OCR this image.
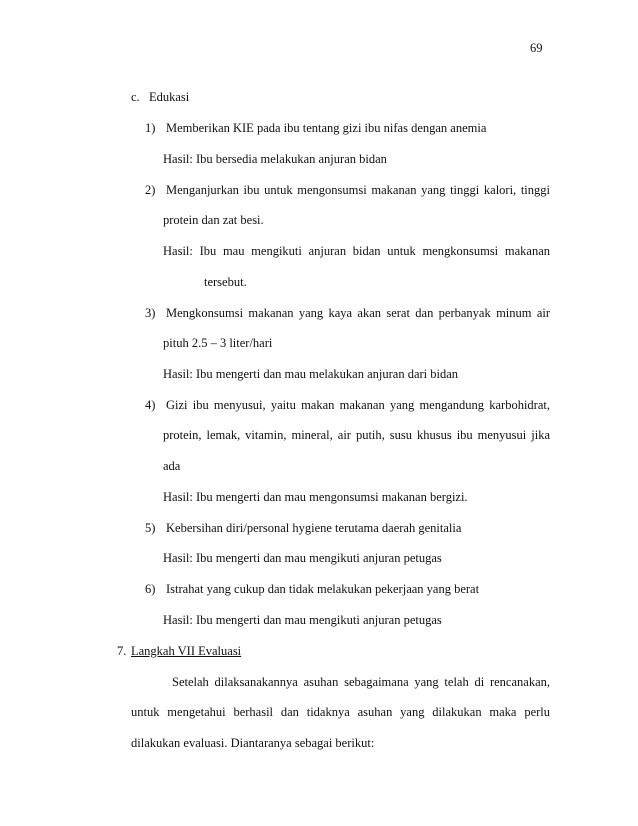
69
c. Edukasi
1) Memberikan KIE pada ibu tentang gizi ibu nifas dengan anemia
Hasil: Ibu bersedia melakukan anjuran bidan
2) Menganjurkan ibu untuk mengonsumsi makanan yang tinggi kalori, tinggi
protein dan zat besi.
Hasil: Ibu mau mengikuti anjuran bidan untuk mengkonsumsi makanan
tersebut.
3) Mengkonsumsi makanan yang kaya akan serat dan perbanyak minum air
pituh 2.5 – 3 liter/hari
Hasil: Ibu mengerti dan mau melakukan anjuran dari bidan
4) Gizi ibu menyusui, yaitu makan makanan yang mengandung karbohidrat,
protein, lemak, vitamin, mineral, air putih, susu khusus ibu menyusui jika
ada
Hasil: Ibu mengerti dan mau mengonsumsi makanan bergizi.
5) Kebersihan diri/personal hygiene terutama daerah genitalia
Hasil: Ibu mengerti dan mau mengikuti anjuran petugas
6) Istrahat yang cukup dan tidak melakukan pekerjaan yang berat
Hasil: Ibu mengerti dan mau mengikuti anjuran petugas
7. Langkah VII Evaluasi
Setelah dilaksanakannya asuhan sebagaimana yang telah di rencanakan,
untuk mengetahui berhasil dan tidaknya asuhan yang dilakukan maka perlu
dilakukan evaluasi. Diantaranya sebagai berikut:
